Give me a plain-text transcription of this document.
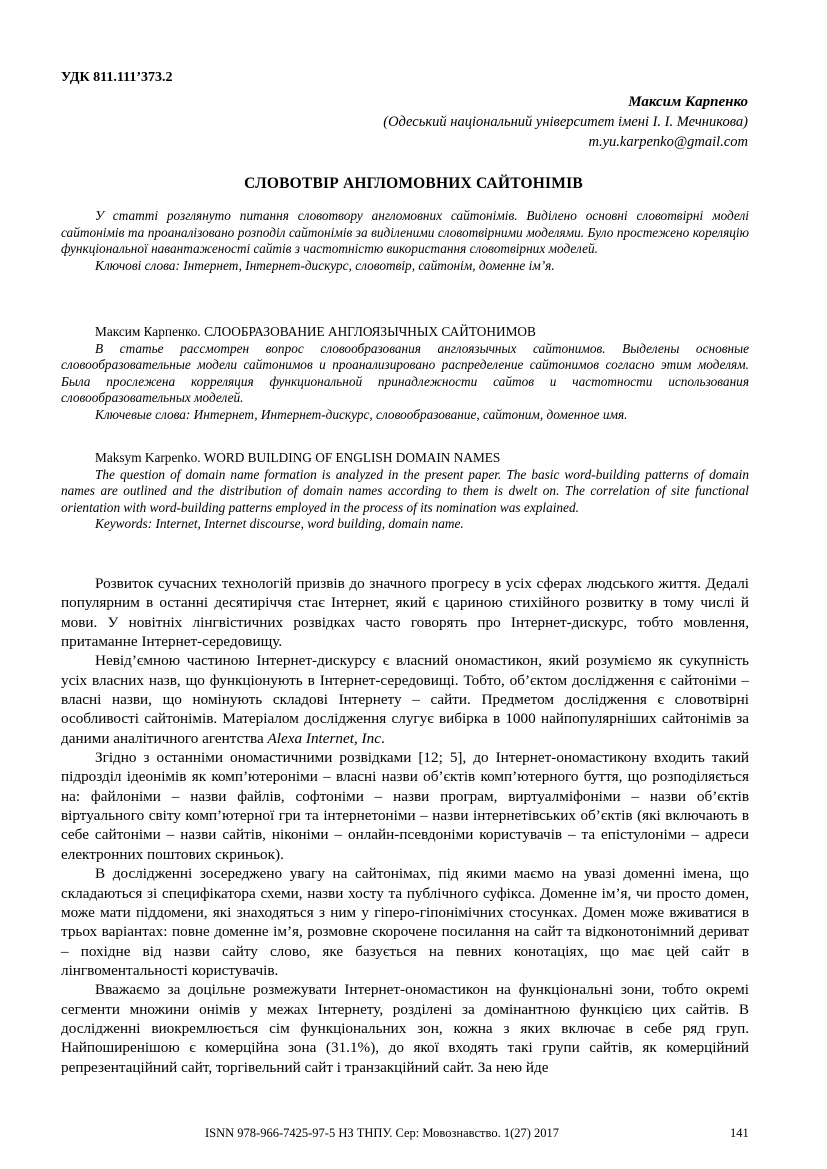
УДК 811.111’373.2
Максим Карпенко
(Одеський національний університет імені І. І. Мечникова)
m.yu.karpenko@gmail.com
СЛОВОТВІР АНГЛОМОВНИХ САЙТОНІМІВ

У статті розглянуто питання словотвору англомовних сайтонімів. Виділено основні словотвірні моделі сайтонімів та проаналізовано розподіл сайтонімів за виділеними словотвірними моделями. Було простежено кореляцію функціональної навантаженості сайтів з частотністю використання словотвірних моделей.

Ключові слова: Інтернет, Інтернет-дискурс, словотвір, сайтонім, доменне ім’я.
Максим Карпенко. СЛООБРАЗОВАНИЕ АНГЛОЯЗЫЧНЫХ САЙТОНИМОВ

В статье рассмотрен вопрос словообразования англоязычных сайтонимов. Выделены основные словообразовательные модели сайтонимов и проанализировано распределение сайтонимов согласно этим моделям. Была прослежена корреляция функциональной принадлежности сайтов и частотности использования словообразовательных моделей.

Ключевые слова: Интернет, Интернет-дискурс, словообразование, сайтоним, доменное имя.
Maksym Karpenko. WORD BUILDING OF ENGLISH DOMAIN NAMES

The question of domain name formation is analyzed in the present paper. The basic word-building patterns of domain names are outlined and the distribution of domain names according to them is dwelt on. The correlation of site functional orientation with word-building patterns employed in the process of its nomination was explained.

Keywords: Internet, Internet discourse, word building, domain name.

Розвиток сучасних технологій призвів до значного прогресу в усіх сферах людського життя. Дедалі популярним в останні десятиріччя стає Інтернет, який є цариною стихійного розвитку в тому числі й мови. У новітніх лінгвістичних розвідках часто говорять про Інтернет-дискурс, тобто мовлення, притаманне Інтернет-середовищу.

Невід’ємною частиною Інтернет-дискурсу є власний ономастикон, який розуміємо як сукупність усіх власних назв, що функціонують в Інтернет-середовищі. Тобто, об’єктом дослідження є сайтоніми – власні назви, що номінують складові Інтернету – сайти. Предметом дослідження є словотвірні особливості сайтонімів. Матеріалом дослідження слугує вибірка в 1000 найпопулярніших сайтонімів за даними аналітичного агентства Alexa Internet, Inc.

Згідно з останніми ономастичними розвідками [12; 5], до Інтернет-ономастикону входить такий підрозділ ідеонімів як комп’ютероніми – власні назви об’єктів комп’ютерного буття, що розподіляється на: файлоніми – назви файлів, софтоніми – назви програм, виртуалміфоніми – назви об’єктів віртуального світу комп’ютерної гри та інтернетоніми – назви інтернетівських об’єктів (які включають в себе сайтоніми – назви сайтів, нiконіми – онлайн-псевдоніми користувачів – та епістулоніми – адреси електронних поштових скриньок).

В дослідженні зосереджено увагу на сайтонімах, під якими маємо на увазі доменні імена, що складаються зі специфікатора схеми, назви хосту та публічного суфікса. Доменне ім’я, чи просто домен, може мати піддомени, які знаходяться з ним у гіперо-гіпонімічних стосунках. Домен може вживатися в трьох варіантах: повне доменне ім’я, розмовне скорочене посилання на сайт та відконотонімний дериват – похідне від назви сайту слово, яке базується на певних конотаціях, що має цей сайт в лінгвоментальності користувачів.

Вважаємо за доцільне розмежувати Інтернет-ономастикон на функціональні зони, тобто окремі сегменти множини онімів у межах Інтернету, розділені за домінантною функцією цих сайтів. В дослідженні виокремлюється сім функціональних зон, кожна з яких включає в себе ряд груп. Найпоширенішою є комерційна зона (31.1%), до якої входять такі групи сайтів, як комерційний репрезентаційний сайт, торгівельний сайт і транзакційний сайт. За нею йде

ISNN 978-966-7425-97-5 НЗ ТНПУ. Сер: Мовознавство. 1(27) 2017	141
